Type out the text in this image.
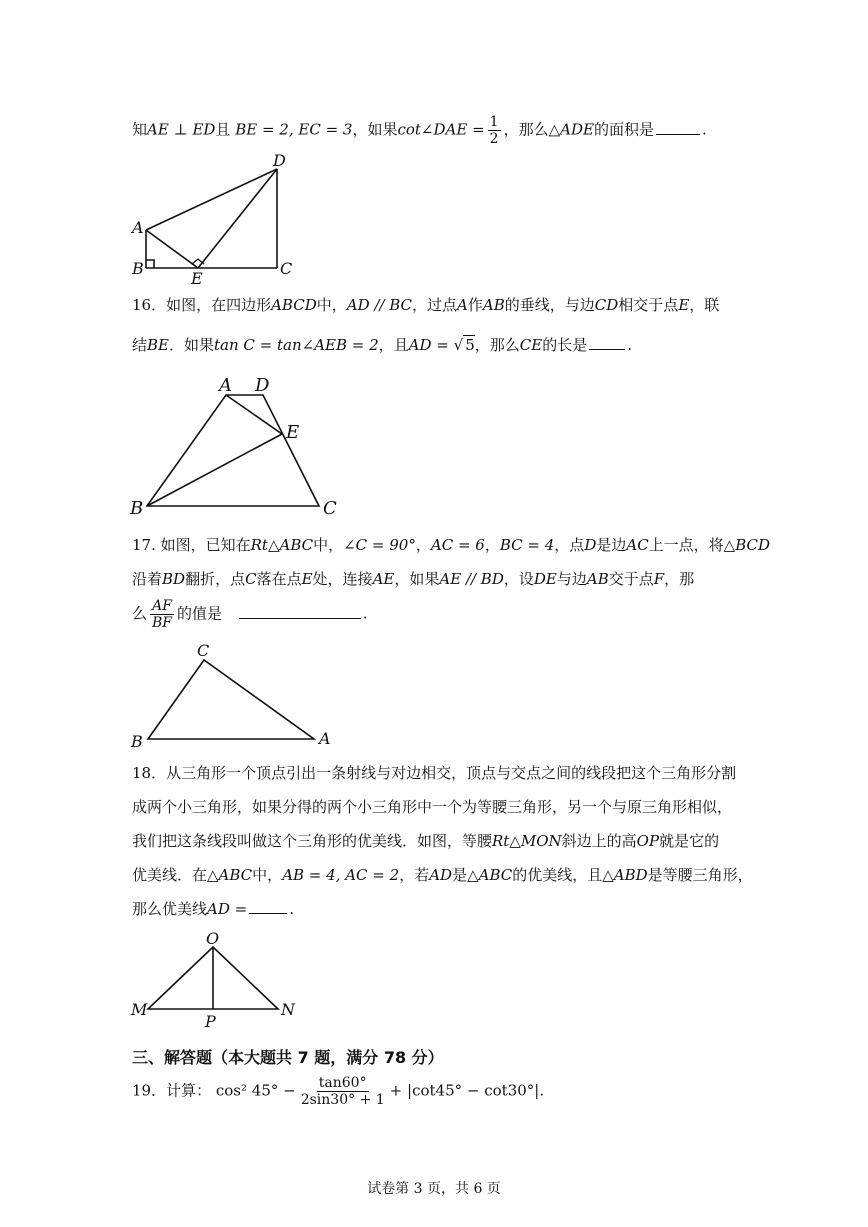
知AE ⊥ ED且 BE = 2, EC = 3，如果cot∠DAE = $\frac{1}{2}$ ，那么△ADE的面积是	.
A
B	C
D
E
16．如图，在四边形ABCD中，AD // BC，过点A作AB的垂线，与边CD相交于点E，联
结BE．如果tan C = tan∠AEB = 2，且AD = √ 5，那么CE的长是	.
A D
E
B	C
17. 如图，已知在Rt△ABC中，∠C = 90°，AC = 6，BC = 4，点D是边AC上一点，将△BCD
沿着BD翻折，点C落在点E处，连接AE，如果AE // BD，设DE与边AB交于点F，那
么 $\frac{AF}{BF}$ 的值是	.
C
B	A
18．从三角形一个顶点引出一条射线与对边相交，顶点与交点之间的线段把这个三角形分割
成两个小三角形，如果分得的两个小三角形中一个为等腰三角形，另一个与原三角形相似，
我们把这条线段叫做这个三角形的优美线．如图，等腰Rt△MON斜边上的高OP就是它的
优美线．在△ABC中，AB = 4, AC = 2，若AD是△ABC的优美线，且△ABD是等腰三角形，
那么优美线AD =	.
O
M	N
P
三、解答题（本大题共 7 题，满分 78 分）
19．计算： cos² $45^\circ - \frac{\tan 60^\circ}{2\sin 30^\circ + 1} + |\cot 45^\circ - \cot 30^\circ|$.
试卷第 3 页，共 6 页
